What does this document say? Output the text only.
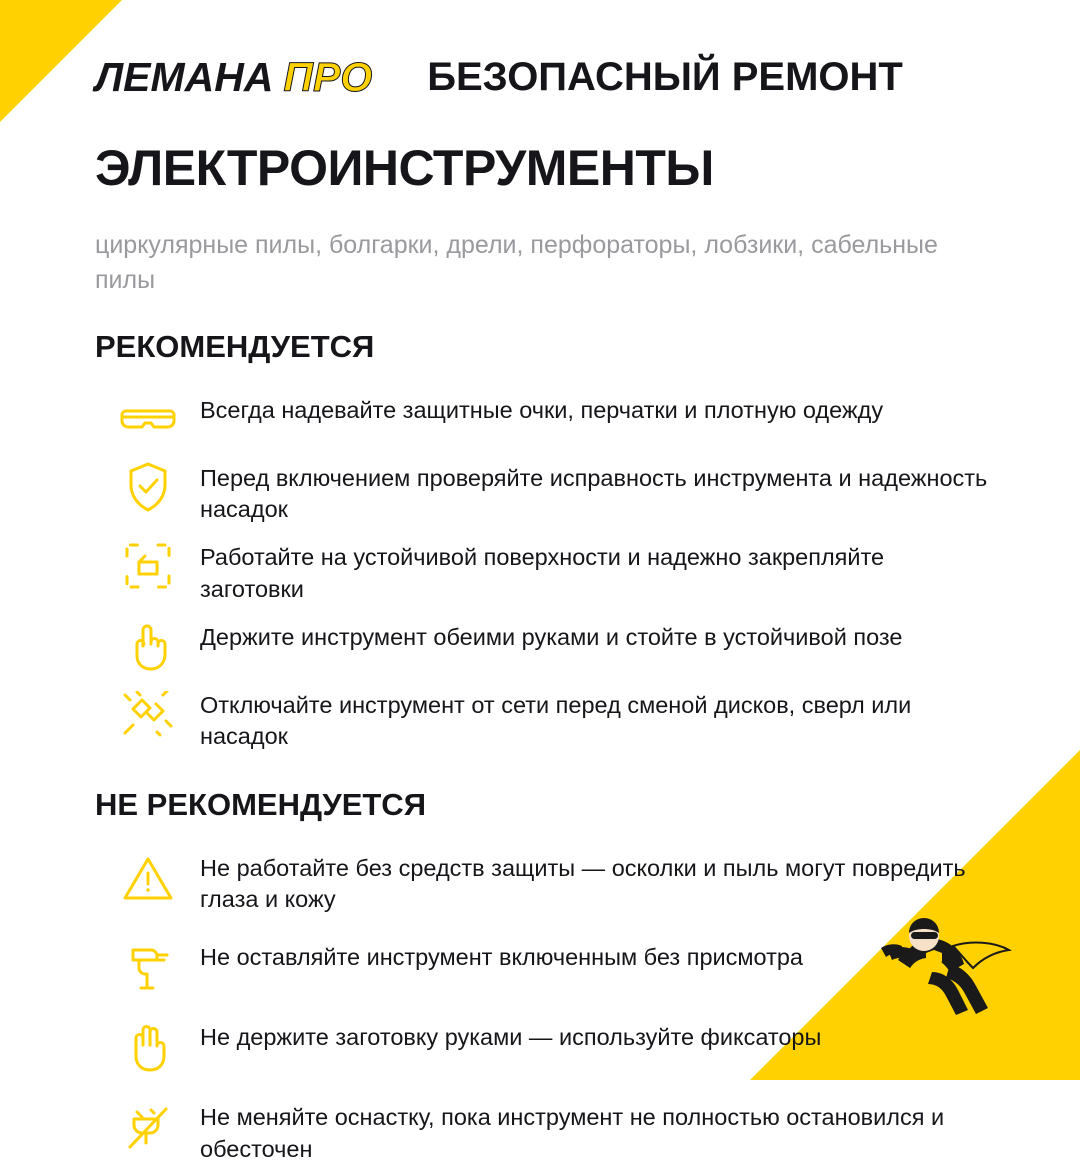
ЛЕМАНА ПРО БЕЗОПАСНЫЙ РЕМОНТ
ЭЛЕКТРОИНСТРУМЕНТЫ
циркулярные пилы, болгарки, дрели, перфораторы, лобзики, сабельные пилы
РЕКОМЕНДУЕТСЯ
Всегда надевайте защитные очки, перчатки и плотную одежду
Перед включением проверяйте исправность инструмента и надежность насадок
Работайте на устойчивой поверхности и надежно закрепляйте заготовки
Держите инструмент обеими руками и стойте в устойчивой позе
Отключайте инструмент от сети перед сменой дисков, сверл или насадок
НЕ РЕКОМЕНДУЕТСЯ
Не работайте без средств защиты — осколки и пыль могут повредить глаза и кожу
Не оставляйте инструмент включенным без присмотра
Не держите заготовку руками — используйте фиксаторы
Не меняйте оснастку, пока инструмент не полностью остановился и обесточен
